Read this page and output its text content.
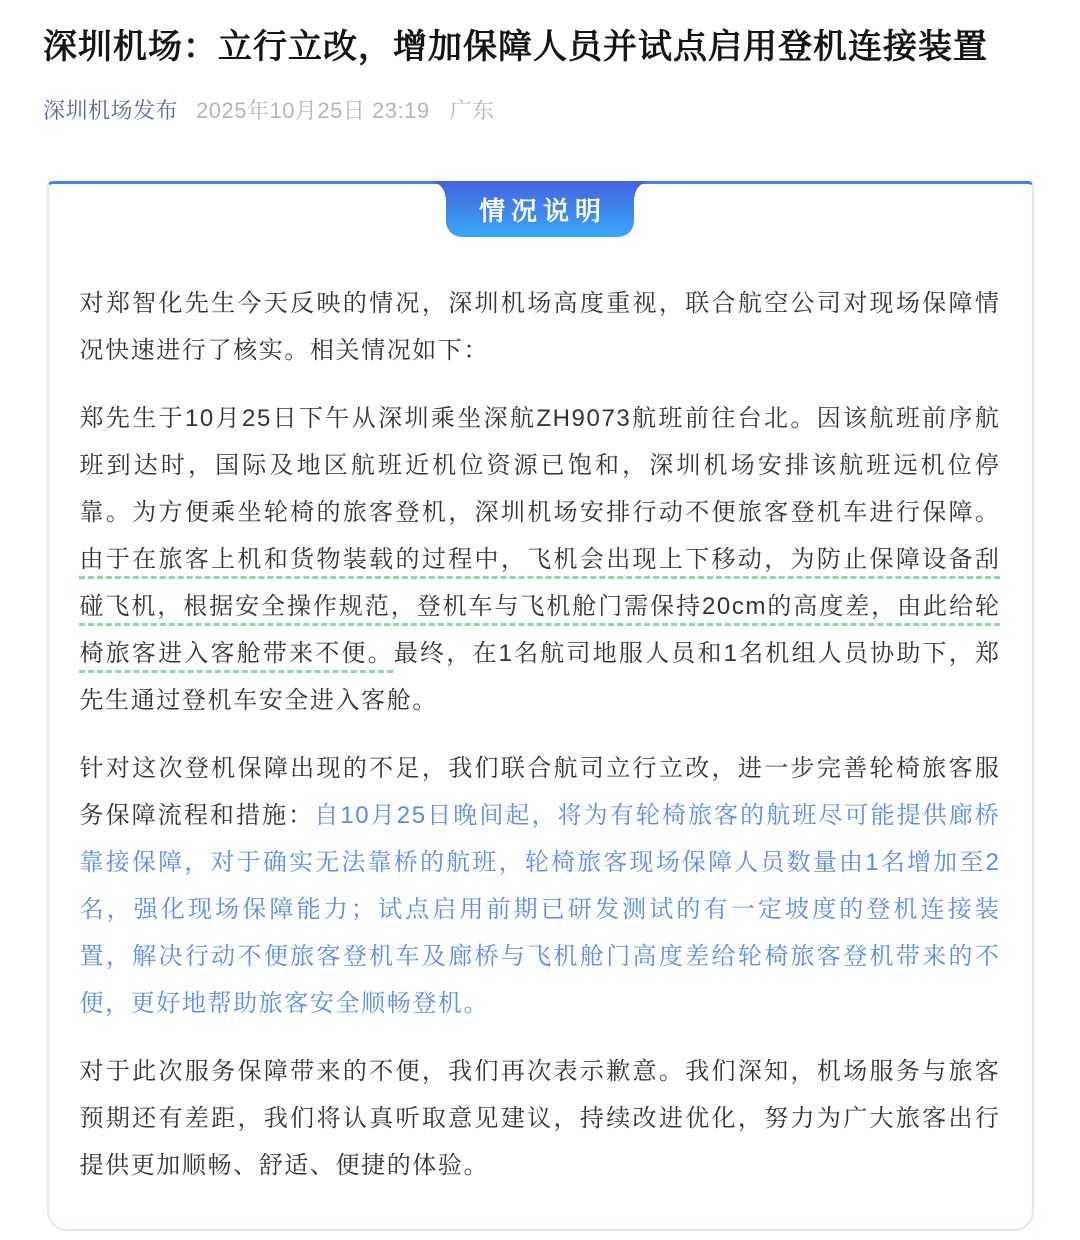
深圳机场：立行立改，增加保障人员并试点启用登机连接装置
深圳机场发布 2025年10月25日 23:19 广东
情况说明

对郑智化先生今天反映的情况，深圳机场高度重视，联合航空公司对现场保障情况快速进行了核实。相关情况如下：

郑先生于10月25日下午从深圳乘坐深航ZH9073航班前往台北。因该航班前序航班到达时，国际及地区航班近机位资源已饱和，深圳机场安排该航班远机位停靠。为方便乘坐轮椅的旅客登机，深圳机场安排行动不便旅客登机车进行保障。由于在旅客上机和货物装载的过程中，飞机会出现上下移动，为防止保障设备刮碰飞机，根据安全操作规范，登机车与飞机舱门需保持20cm的高度差，由此给轮椅旅客进入客舱带来不便。最终，在1名航司地服人员和1名机组人员协助下，郑先生通过登机车安全进入客舱。

针对这次登机保障出现的不足，我们联合航司立行立改，进一步完善轮椅旅客服务保障流程和措施：自10月25日晚间起，将为有轮椅旅客的航班尽可能提供廊桥靠接保障，对于确实无法靠桥的航班，轮椅旅客现场保障人员数量由1名增加至2名，强化现场保障能力；试点启用前期已研发测试的有一定坡度的登机连接装置，解决行动不便旅客登机车及廊桥与飞机舱门高度差给轮椅旅客登机带来的不便，更好地帮助旅客安全顺畅登机。

对于此次服务保障带来的不便，我们再次表示歉意。我们深知，机场服务与旅客预期还有差距，我们将认真听取意见建议，持续改进优化，努力为广大旅客出行提供更加顺畅、舒适、便捷的体验。
